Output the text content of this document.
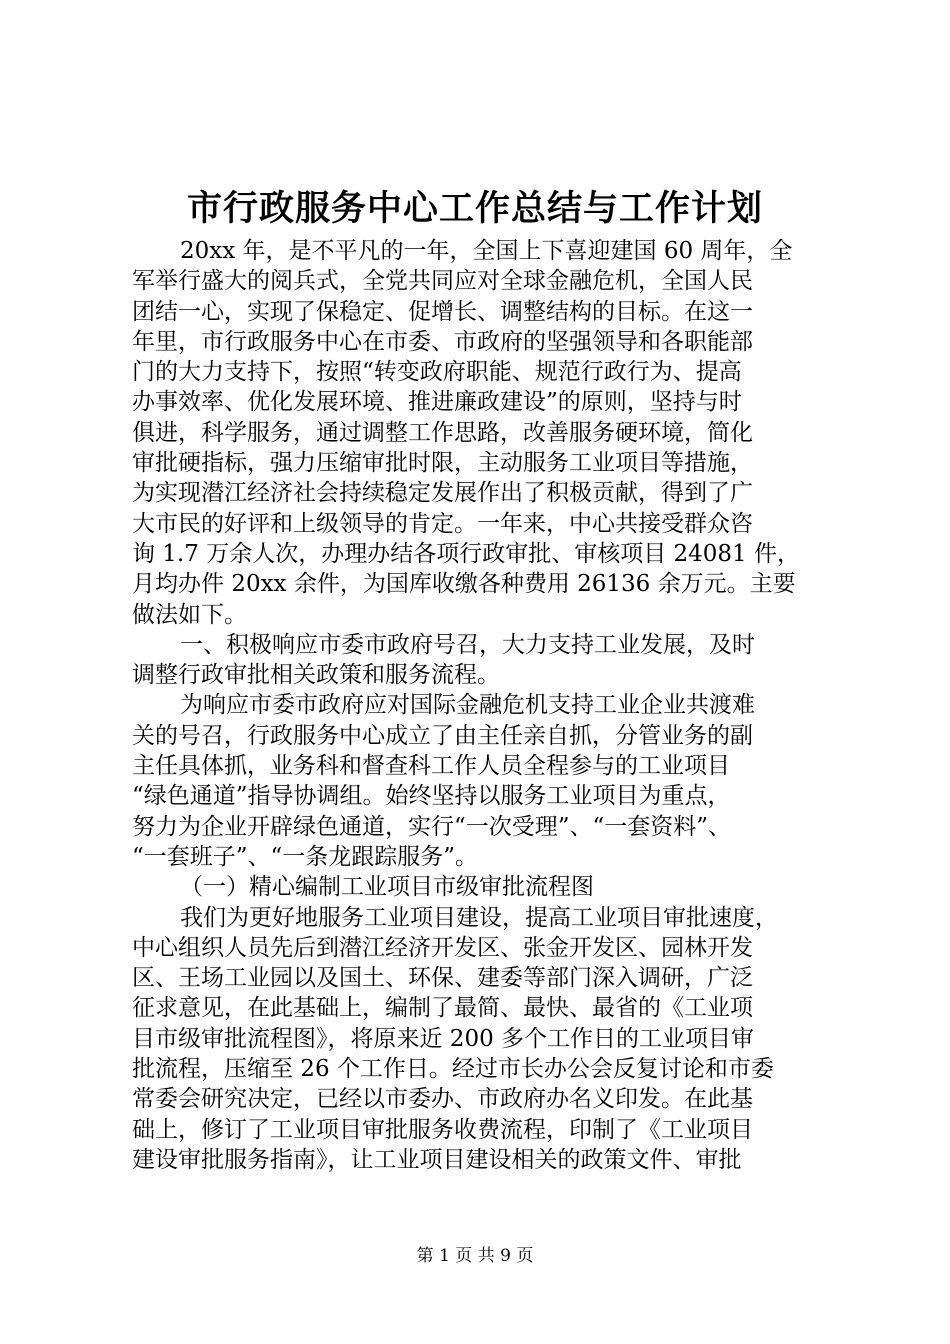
市行政服务中心工作总结与工作计划
20xx 年，是不平凡的一年，全国上下喜迎建国 60 周年，全
军举行盛大的阅兵式，全党共同应对全球金融危机，全国人民
团结一心，实现了保稳定、促增长、调整结构的目标。在这一
年里，市行政服务中心在市委、市政府的坚强领导和各职能部
门的大力支持下，按照“转变政府职能、规范行政行为、提高
办事效率、优化发展环境、推进廉政建设”的原则，坚持与时
俱进，科学服务，通过调整工作思路，改善服务硬环境，简化
审批硬指标，强力压缩审批时限，主动服务工业项目等措施，
为实现潜江经济社会持续稳定发展作出了积极贡献，得到了广
大市民的好评和上级领导的肯定。一年来，中心共接受群众咨
询 1.7 万余人次，办理办结各项行政审批、审核项目 24081 件，
月均办件 20xx 余件，为国库收缴各种费用 26136 余万元。主要
做法如下。
一、积极响应市委市政府号召，大力支持工业发展，及时
调整行政审批相关政策和服务流程。
为响应市委市政府应对国际金融危机支持工业企业共渡难
关的号召，行政服务中心成立了由主任亲自抓，分管业务的副
主任具体抓，业务科和督查科工作人员全程参与的工业项目
“绿色通道”指导协调组。始终坚持以服务工业项目为重点，
努力为企业开辟绿色通道，实行“一次受理”、“一套资料”、
“一套班子”、“一条龙跟踪服务”。
（一）精心编制工业项目市级审批流程图
我们为更好地服务工业项目建设，提高工业项目审批速度，
中心组织人员先后到潜江经济开发区、张金开发区、园林开发
区、王场工业园以及国土、环保、建委等部门深入调研，广泛
征求意见，在此基础上，编制了最简、最快、最省的《工业项
目市级审批流程图》，将原来近 200 多个工作日的工业项目审
批流程，压缩至 26 个工作日。经过市长办公会反复讨论和市委
常委会研究决定，已经以市委办、市政府办名义印发。在此基
础上，修订了工业项目审批服务收费流程，印制了《工业项目
建设审批服务指南》，让工业项目建设相关的政策文件、审批
第 1 页 共 9 页
